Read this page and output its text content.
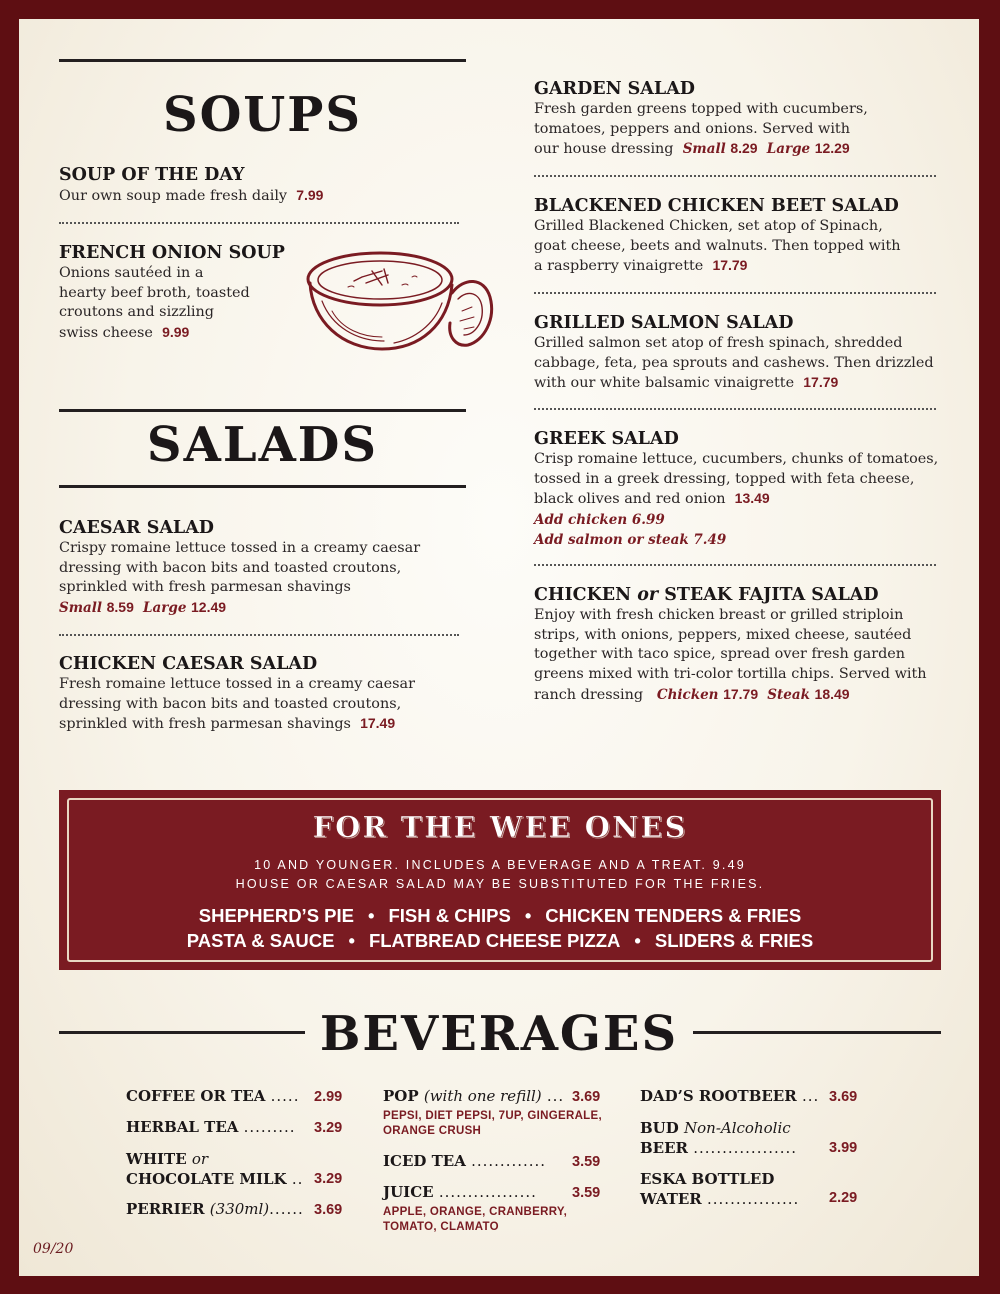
SOUPS

SOUP OF THE DAY

Our own soup made fresh daily 7.99

FRENCH ONION SOUP

Onions sautéed in a
hearty beef broth, toasted
croutons and sizzling
swiss cheese 9.99

SALADS

CAESAR SALAD

Crispy romaine lettuce tossed in a creamy caesar
dressing with bacon bits and toasted croutons,
sprinkled with fresh parmesan shavings
Small 8.59 Large 12.49

CHICKEN CAESAR SALAD

Fresh romaine lettuce tossed in a creamy caesar
dressing with bacon bits and toasted croutons,
sprinkled with fresh parmesan shavings 17.49

GARDEN SALAD

Fresh garden greens topped with cucumbers,
tomatoes, peppers and onions. Served with
our house dressing Small 8.29 Large 12.29

BLACKENED CHICKEN BEET SALAD

Grilled Blackened Chicken, set atop of Spinach,
goat cheese, beets and walnuts. Then topped with
a raspberry vinaigrette 17.79

GRILLED SALMON SALAD

Grilled salmon set atop of fresh spinach, shredded
cabbage, feta, pea sprouts and cashews. Then drizzled
with our white balsamic vinaigrette 17.79

GREEK SALAD

Crisp romaine lettuce, cucumbers, chunks of tomatoes,
tossed in a greek dressing, topped with feta cheese,
black olives and red onion 13.49

Add chicken 6.99
Add salmon or steak 7.49

CHICKEN or STEAK FAJITA SALAD

Enjoy with fresh chicken breast or grilled striploin
strips, with onions, peppers, mixed cheese, sautéed
together with taco spice, spread over fresh garden
greens mixed with tri-color tortilla chips. Served with
ranch dressing Chicken 17.79 Steak 18.49

FOR THE WEE ONES
10 AND YOUNGER. INCLUDES A BEVERAGE AND A TREAT. 9.49
HOUSE OR CAESAR SALAD MAY BE SUBSTITUTED FOR THE FRIES.
SHEPHERD’S PIE • FISH & CHIPS • CHICKEN TENDERS & FRIES
PASTA & SAUCE • FLATBREAD CHEESE PIZZA • SLIDERS & FRIES
BEVERAGES
COFFEE OR TEA ..... 2.99
HERBAL TEA ......... 3.29
WHITE or
CHOCOLATE MILK .. 3.29
PERRIER (330ml)...... 3.69
POP (with one refill) ... 3.69
PEPSI, DIET PEPSI, 7UP, GINGERALE,
ORANGE CRUSH
ICED TEA ............. 3.59
JUICE ................. 3.59
APPLE, ORANGE, CRANBERRY,
TOMATO, CLAMATO
DAD’S ROOTBEER ... 3.69
BUD Non-Alcoholic
BEER .................. 3.99
ESKA BOTTLED
WATER ................ 2.29
09/20
